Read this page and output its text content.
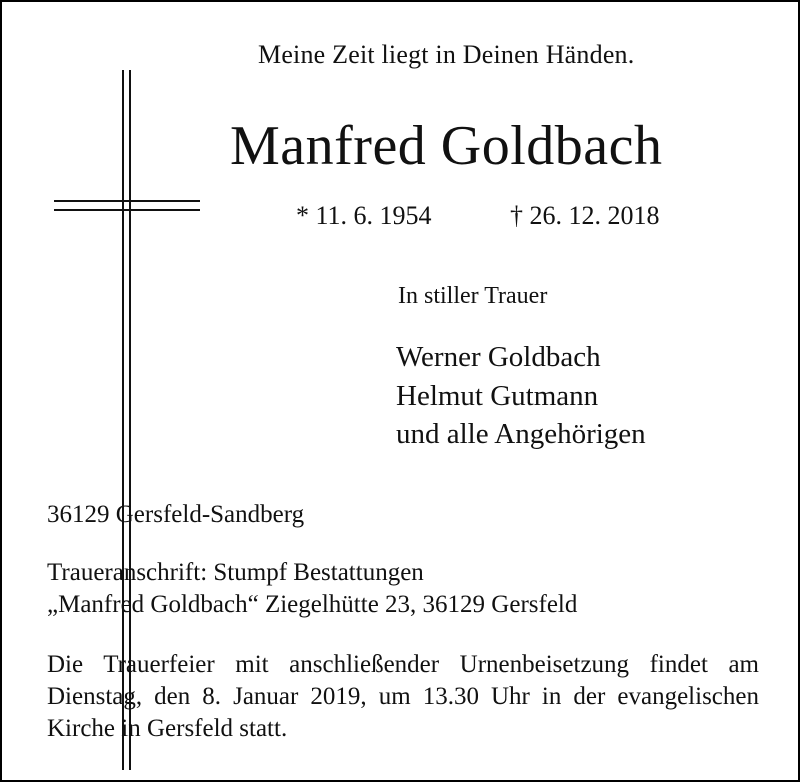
Meine Zeit liegt in Deinen Händen.
Manfred Goldbach
* 11. 6. 1954	† 26. 12. 2018
In stiller Trauer
Werner Goldbach
Helmut Gutmann
und alle Angehörigen
36129 Gersfeld-Sandberg
Traueranschrift: Stumpf Bestattungen
„Manfred Goldbach“ Ziegelhütte 23, 36129 Gersfeld
Die Trauerfeier mit anschließender Urnenbeisetzung findet am Dienstag, den 8. Januar 2019, um 13.30 Uhr in der evangelischen Kirche in Gersfeld statt.
